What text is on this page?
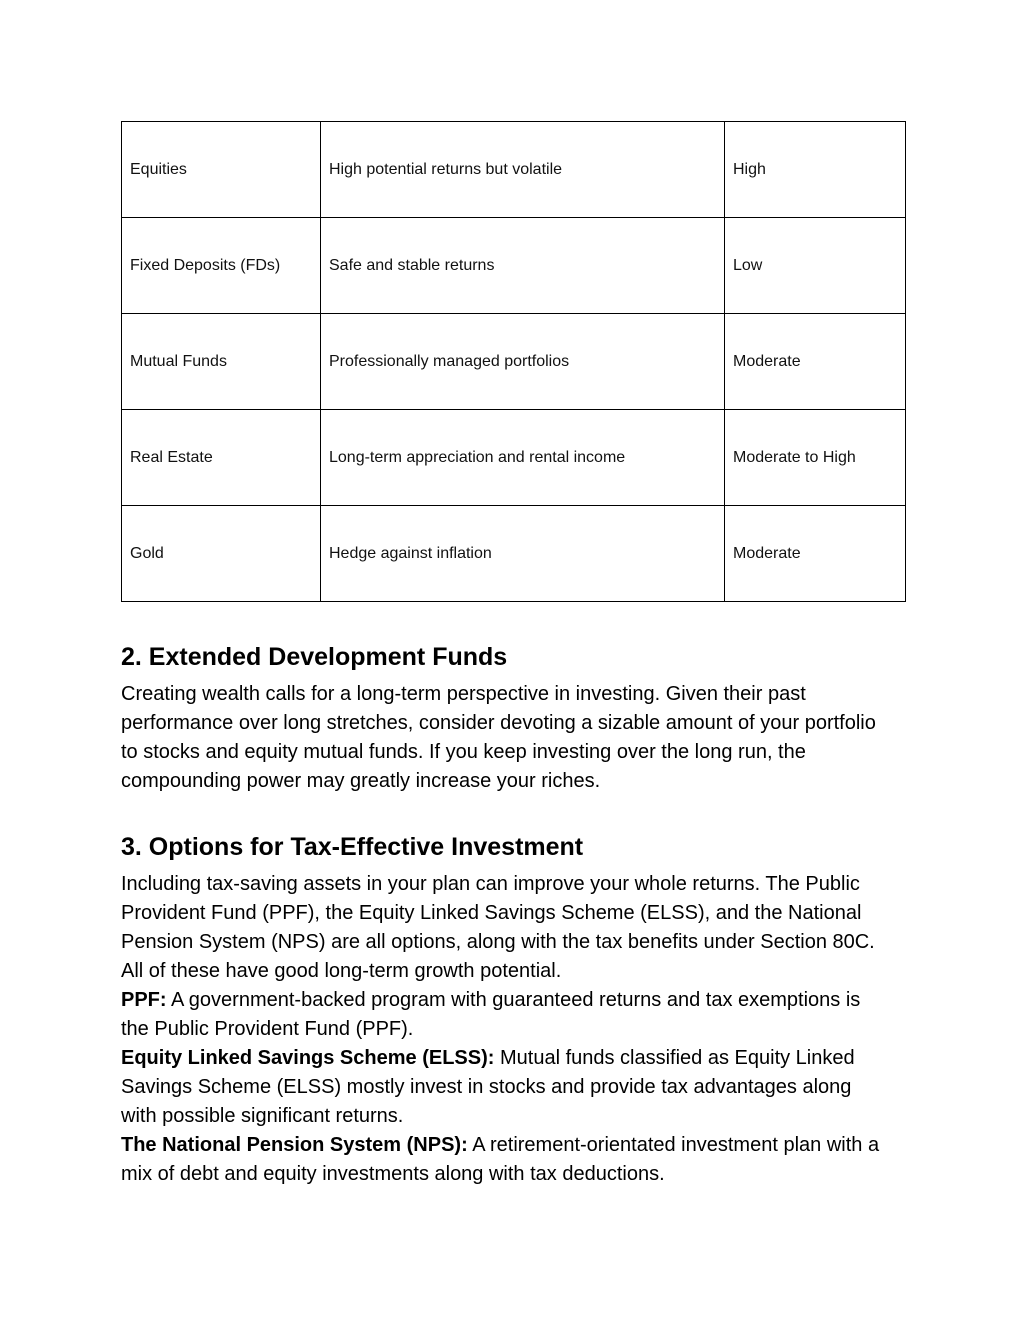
Equities	High potential returns but volatile	High
Fixed Deposits (FDs)	Safe and stable returns	Low
Mutual Funds	Professionally managed portfolios	Moderate
Real Estate	Long-term appreciation and rental income	Moderate to High
Gold	Hedge against inflation	Moderate
2. Extended Development Funds

Creating wealth calls for a long-term perspective in investing. Given their past performance over long stretches, consider devoting a sizable amount of your portfolio to stocks and equity mutual funds. If you keep investing over the long run, the compounding power may greatly increase your riches.

3. Options for Tax-Effective Investment

Including tax-saving assets in your plan can improve your whole returns. The Public Provident Fund (PPF), the Equity Linked Savings Scheme (ELSS), and the National Pension System (NPS) are all options, along with the tax benefits under Section 80C. All of these have good long-term growth potential.

PPF: A government-backed program with guaranteed returns and tax exemptions is the Public Provident Fund (PPF).

Equity Linked Savings Scheme (ELSS): Mutual funds classified as Equity Linked Savings Scheme (ELSS) mostly invest in stocks and provide tax advantages along with possible significant returns.

The National Pension System (NPS): A retirement-orientated investment plan with a mix of debt and equity investments along with tax deductions.
